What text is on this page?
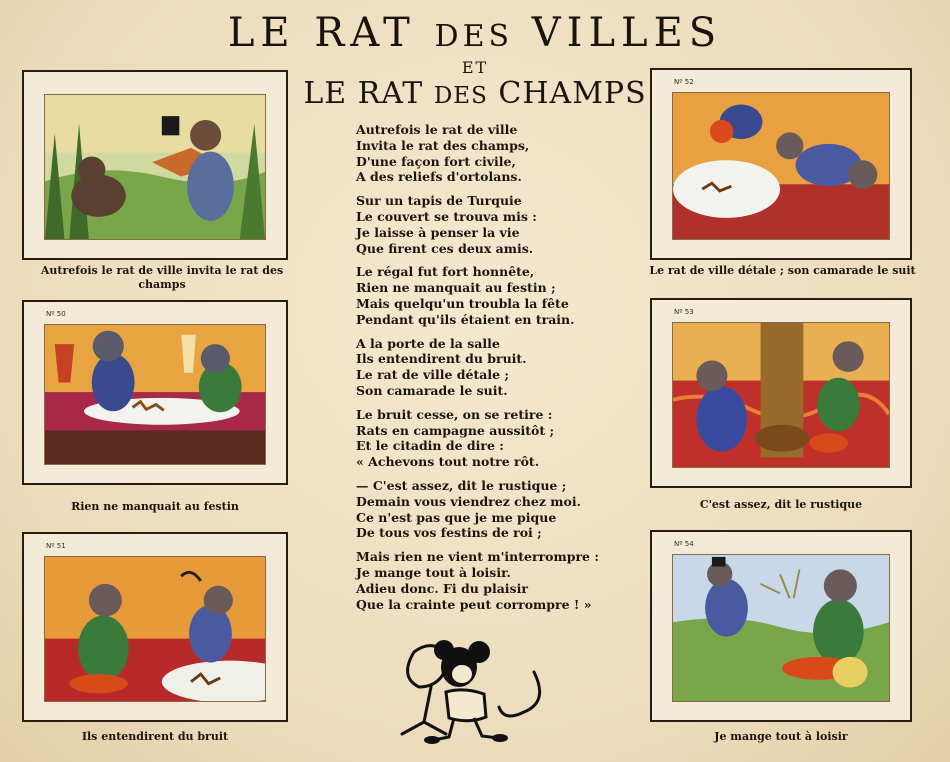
LE RAT DES VILLES
ET
LE RAT DES CHAMPS
Autrefois le rat de ville invita le rat des champs
Nº 50
Rien ne manquait au festin
Nº 51
Ils entendirent du bruit
Nº 52
Le rat de ville détale ; son camarade le suit
Nº 53
C'est assez, dit le rustique
Nº 54
Je mange tout à loisir
Autrefois le rat de ville
Invita le rat des champs,
D'une façon fort civile,
A des reliefs d'ortolans.
Sur un tapis de Turquie
Le couvert se trouva mis :
Je laisse à penser la vie
Que firent ces deux amis.
Le régal fut fort honnête,
Rien ne manquait au festin ;
Mais quelqu'un troubla la fête
Pendant qu'ils étaient en train.
A la porte de la salle
Ils entendirent du bruit.
Le rat de ville détale ;
Son camarade le suit.
Le bruit cesse, on se retire :
Rats en campagne aussitôt ;
Et le citadin de dire :
« Achevons tout notre rôt.
— C'est assez, dit le rustique ;
Demain vous viendrez chez moi.
Ce n'est pas que je me pique
De tous vos festins de roi ;
Mais rien ne vient m'interrompre :
Je mange tout à loisir.
Adieu donc. Fi du plaisir
Que la crainte peut corrompre ! »
